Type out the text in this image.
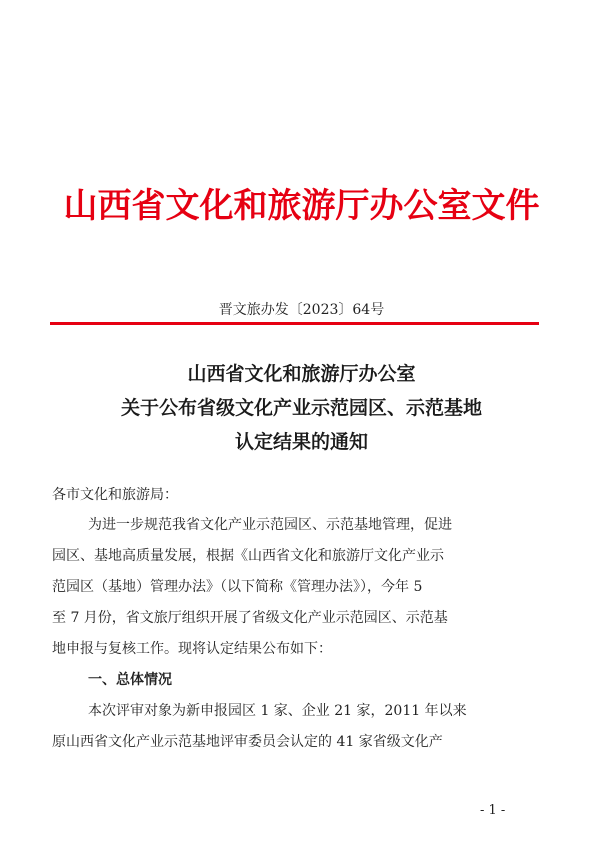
山西省文化和旅游厅办公室文件
晋文旅办发〔2023〕64号
山西省文化和旅游厅办公室
关于公布省级文化产业示范园区、示范基地
认定结果的通知
各市文化和旅游局：
为进一步规范我省文化产业示范园区、示范基地管理，促进
园区、基地高质量发展，根据《山西省文化和旅游厅文化产业示
范园区（基地）管理办法》（以下简称《管理办法》），今年 5
至 7 月份，省文旅厅组织开展了省级文化产业示范园区、示范基
地申报与复核工作。现将认定结果公布如下：
一、总体情况
本次评审对象为新申报园区 1 家、企业 21 家，2011 年以来
原山西省文化产业示范基地评审委员会认定的 41 家省级文化产
- 1 -
